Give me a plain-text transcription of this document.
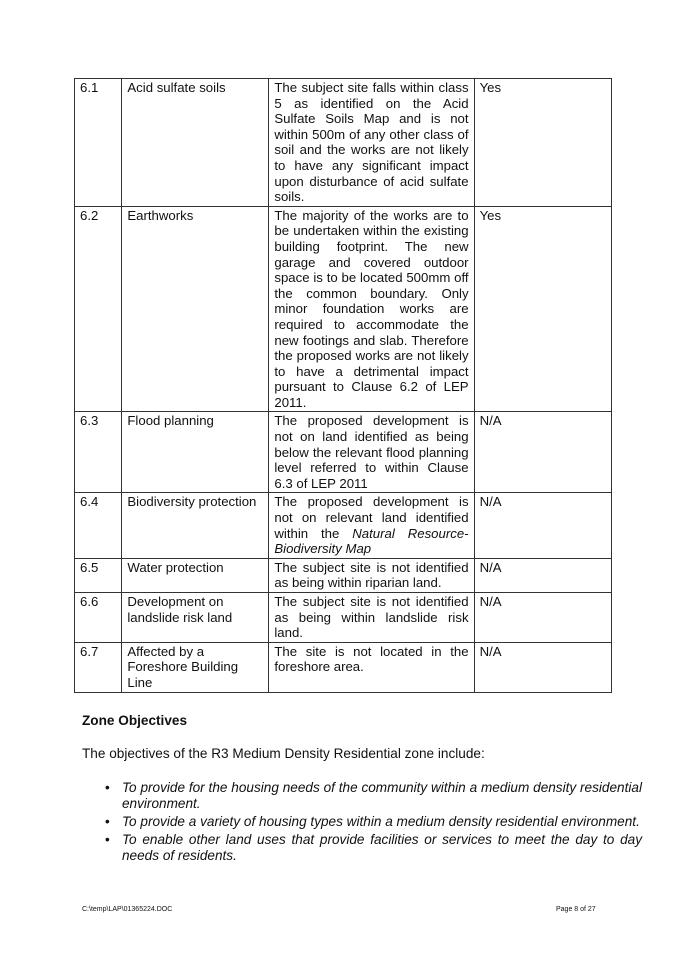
6.1	Acid sulfate soils	The subject site falls within class 5 as identified on the Acid Sulfate Soils Map and is not within 500m of any other class of soil and the works are not likely to have any significant impact upon disturbance of acid sulfate soils.	Yes
6.2	Earthworks	The majority of the works are to be undertaken within the existing building footprint. The new garage and covered outdoor space is to be located 500mm off the common boundary. Only minor foundation works are required to accommodate the new footings and slab. Therefore the proposed works are not likely to have a detrimental impact pursuant to Clause 6.2 of LEP 2011.	Yes
6.3	Flood planning	The proposed development is not on land identified as being below the relevant flood planning level referred to within Clause 6.3 of LEP 2011	N/A
6.4	Biodiversity protection	The proposed development is not on relevant land identified within the Natural Resource-Biodiversity Map	N/A
6.5	Water protection	The subject site is not identified as being within riparian land.	N/A
6.6	Development on landslide risk land	The subject site is not identified as being within landslide risk land.	N/A
6.7	Affected by a Foreshore Building Line	The site is not located in the foreshore area.	N/A
Zone Objectives

The objectives of the R3 Medium Density Residential zone include:

• To provide for the housing needs of the community within a medium density residential environment.
• To provide a variety of housing types within a medium density residential environment.
• To enable other land uses that provide facilities or services to meet the day to day needs of residents.
C:\temp\LAP\01365224.DOC	Page 8 of 27
